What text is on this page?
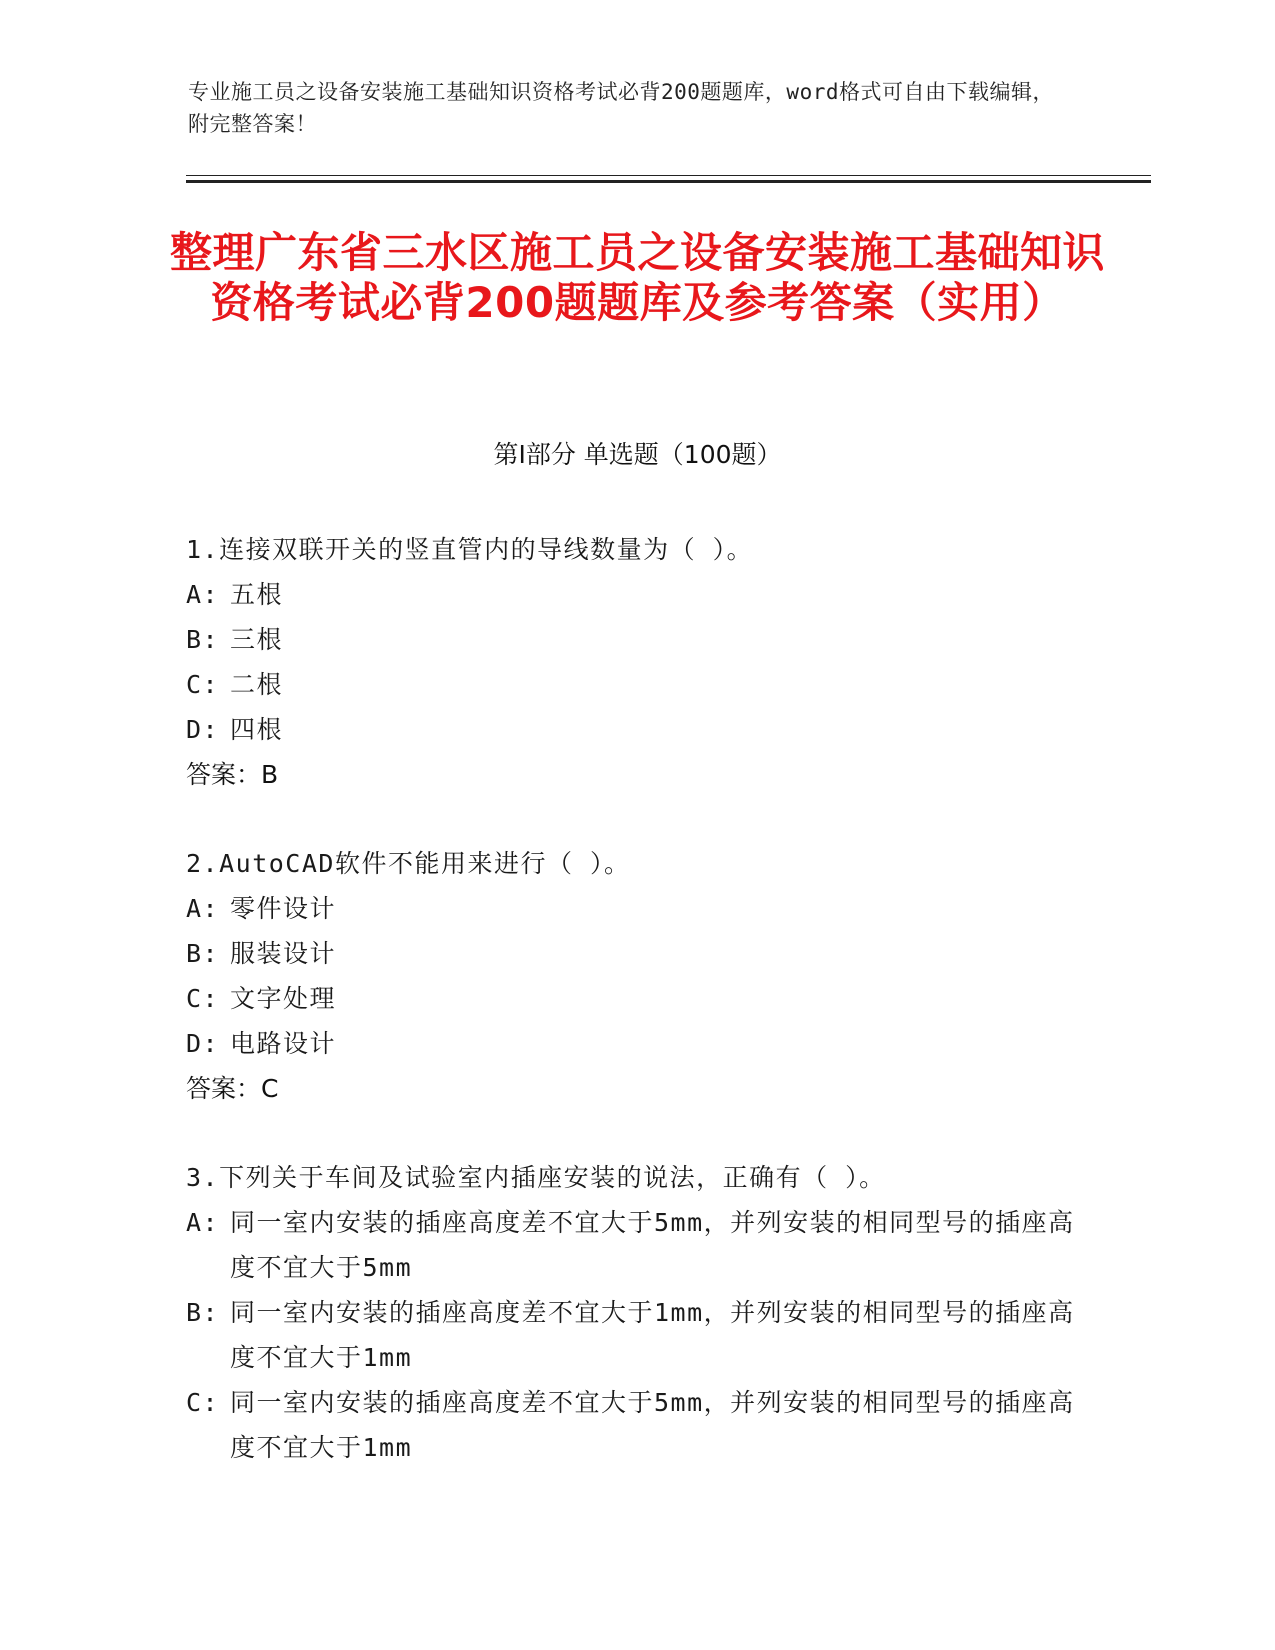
专业施工员之设备安装施工基础知识资格考试必背200题题库，word格式可自由下载编辑，附完整答案！
整理广东省三水区施工员之设备安装施工基础知识资格考试必背200题题库及参考答案（实用）
第I部分 单选题（100题）
1.连接双联开关的竖直管内的导线数量为（ ）。
A: 五根
B: 三根
C: 二根
D: 四根
答案：B
2.AutoCAD软件不能用来进行（ ）。
A: 零件设计
B: 服装设计
C: 文字处理
D: 电路设计
答案：C
3.下列关于车间及试验室内插座安装的说法，正确有（ ）。
A: 同一室内安装的插座高度差不宜大于5mm，并列安装的相同型号的插座高度不宜大于5mm
B: 同一室内安装的插座高度差不宜大于1mm，并列安装的相同型号的插座高度不宜大于1mm
C: 同一室内安装的插座高度差不宜大于5mm，并列安装的相同型号的插座高度不宜大于1mm
